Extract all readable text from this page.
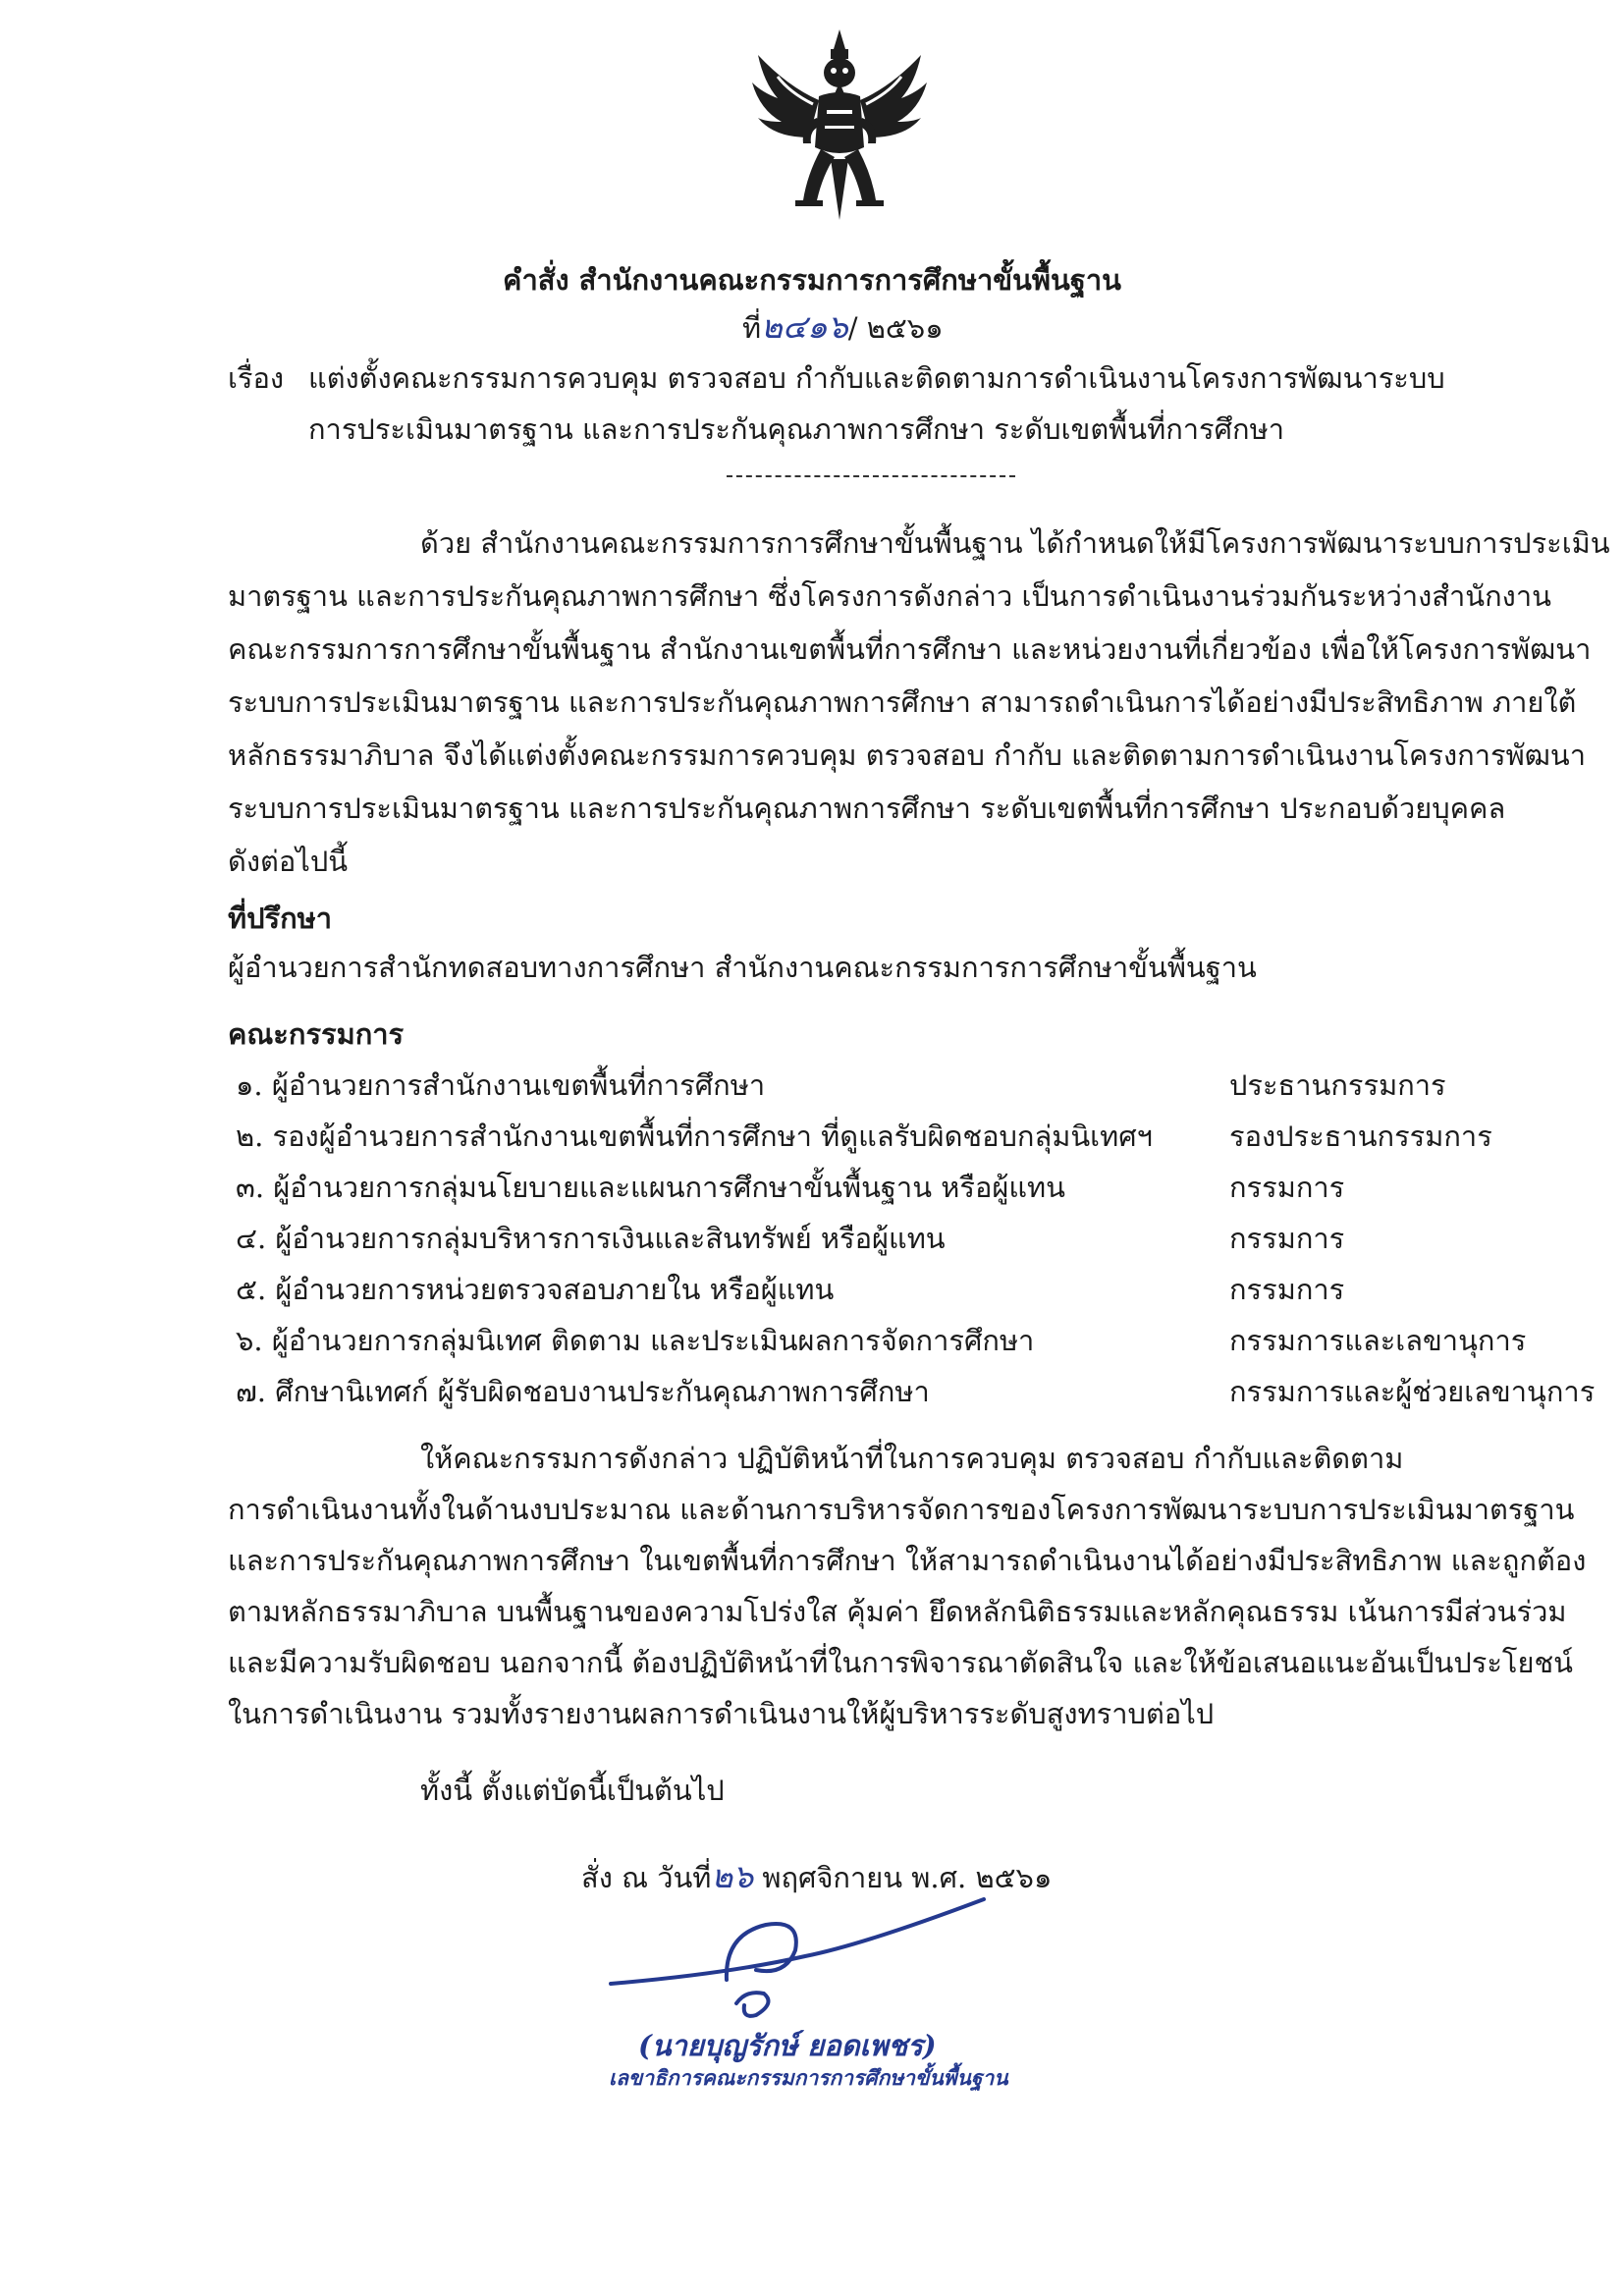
คำสั่ง สำนักงานคณะกรรมการการศึกษาขั้นพื้นฐาน
ที่๒๔๑๖/ ๒๕๖๑
เรื่อง แต่งตั้งคณะกรรมการควบคุม ตรวจสอบ กำกับและติดตามการดำเนินงานโครงการพัฒนาระบบ
การประเมินมาตรฐาน และการประกันคุณภาพการศึกษา ระดับเขตพื้นที่การศึกษา
ด้วย สำนักงานคณะกรรมการการศึกษาขั้นพื้นฐาน ได้กำหนดให้มีโครงการพัฒนาระบบการประเมิน
มาตรฐาน และการประกันคุณภาพการศึกษา ซึ่งโครงการดังกล่าว เป็นการดำเนินงานร่วมกันระหว่างสำนักงาน
คณะกรรมการการศึกษาขั้นพื้นฐาน สำนักงานเขตพื้นที่การศึกษา และหน่วยงานที่เกี่ยวข้อง เพื่อให้โครงการพัฒนา
ระบบการประเมินมาตรฐาน และการประกันคุณภาพการศึกษา สามารถดำเนินการได้อย่างมีประสิทธิภาพ ภายใต้
หลักธรรมาภิบาล จึงได้แต่งตั้งคณะกรรมการควบคุม ตรวจสอบ กำกับ และติดตามการดำเนินงานโครงการพัฒนา
ระบบการประเมินมาตรฐาน และการประกันคุณภาพการศึกษา ระดับเขตพื้นที่การศึกษา ประกอบด้วยบุคคล
ดังต่อไปนี้
ที่ปรึกษา
ผู้อำนวยการสำนักทดสอบทางการศึกษา สำนักงานคณะกรรมการการศึกษาขั้นพื้นฐาน
คณะกรรมการ
๑. ผู้อำนวยการสำนักงานเขตพื้นที่การศึกษา	ประธานกรรมการ
๒. รองผู้อำนวยการสำนักงานเขตพื้นที่การศึกษา ที่ดูแลรับผิดชอบกลุ่มนิเทศฯ	รองประธานกรรมการ
๓. ผู้อำนวยการกลุ่มนโยบายและแผนการศึกษาขั้นพื้นฐาน หรือผู้แทน	กรรมการ
๔. ผู้อำนวยการกลุ่มบริหารการเงินและสินทรัพย์ หรือผู้แทน	กรรมการ
๕. ผู้อำนวยการหน่วยตรวจสอบภายใน หรือผู้แทน	กรรมการ
๖. ผู้อำนวยการกลุ่มนิเทศ ติดตาม และประเมินผลการจัดการศึกษา	กรรมการและเลขานุการ
๗. ศึกษานิเทศก์ ผู้รับผิดชอบงานประกันคุณภาพการศึกษา	กรรมการและผู้ช่วยเลขานุการ
ให้คณะกรรมการดังกล่าว ปฏิบัติหน้าที่ในการควบคุม ตรวจสอบ กำกับและติดตาม
การดำเนินงานทั้งในด้านงบประมาณ และด้านการบริหารจัดการของโครงการพัฒนาระบบการประเมินมาตรฐาน
และการประกันคุณภาพการศึกษา ในเขตพื้นที่การศึกษา ให้สามารถดำเนินงานได้อย่างมีประสิทธิภาพ และถูกต้อง
ตามหลักธรรมาภิบาล บนพื้นฐานของความโปร่งใส คุ้มค่า ยึดหลักนิติธรรมและหลักคุณธรรม เน้นการมีส่วนร่วม
และมีความรับผิดชอบ นอกจากนี้ ต้องปฏิบัติหน้าที่ในการพิจารณาตัดสินใจ และให้ข้อเสนอแนะอันเป็นประโยชน์
ในการดำเนินงาน รวมทั้งรายงานผลการดำเนินงานให้ผู้บริหารระดับสูงทราบต่อไป
ทั้งนี้ ตั้งแต่บัดนี้เป็นต้นไป
สั่ง ณ วันที่๒๖ พฤศจิกายน พ.ศ. ๒๕๖๑
(นายบุญรักษ์ ยอดเพชร)
เลขาธิการคณะกรรมการการศึกษาขั้นพื้นฐาน
